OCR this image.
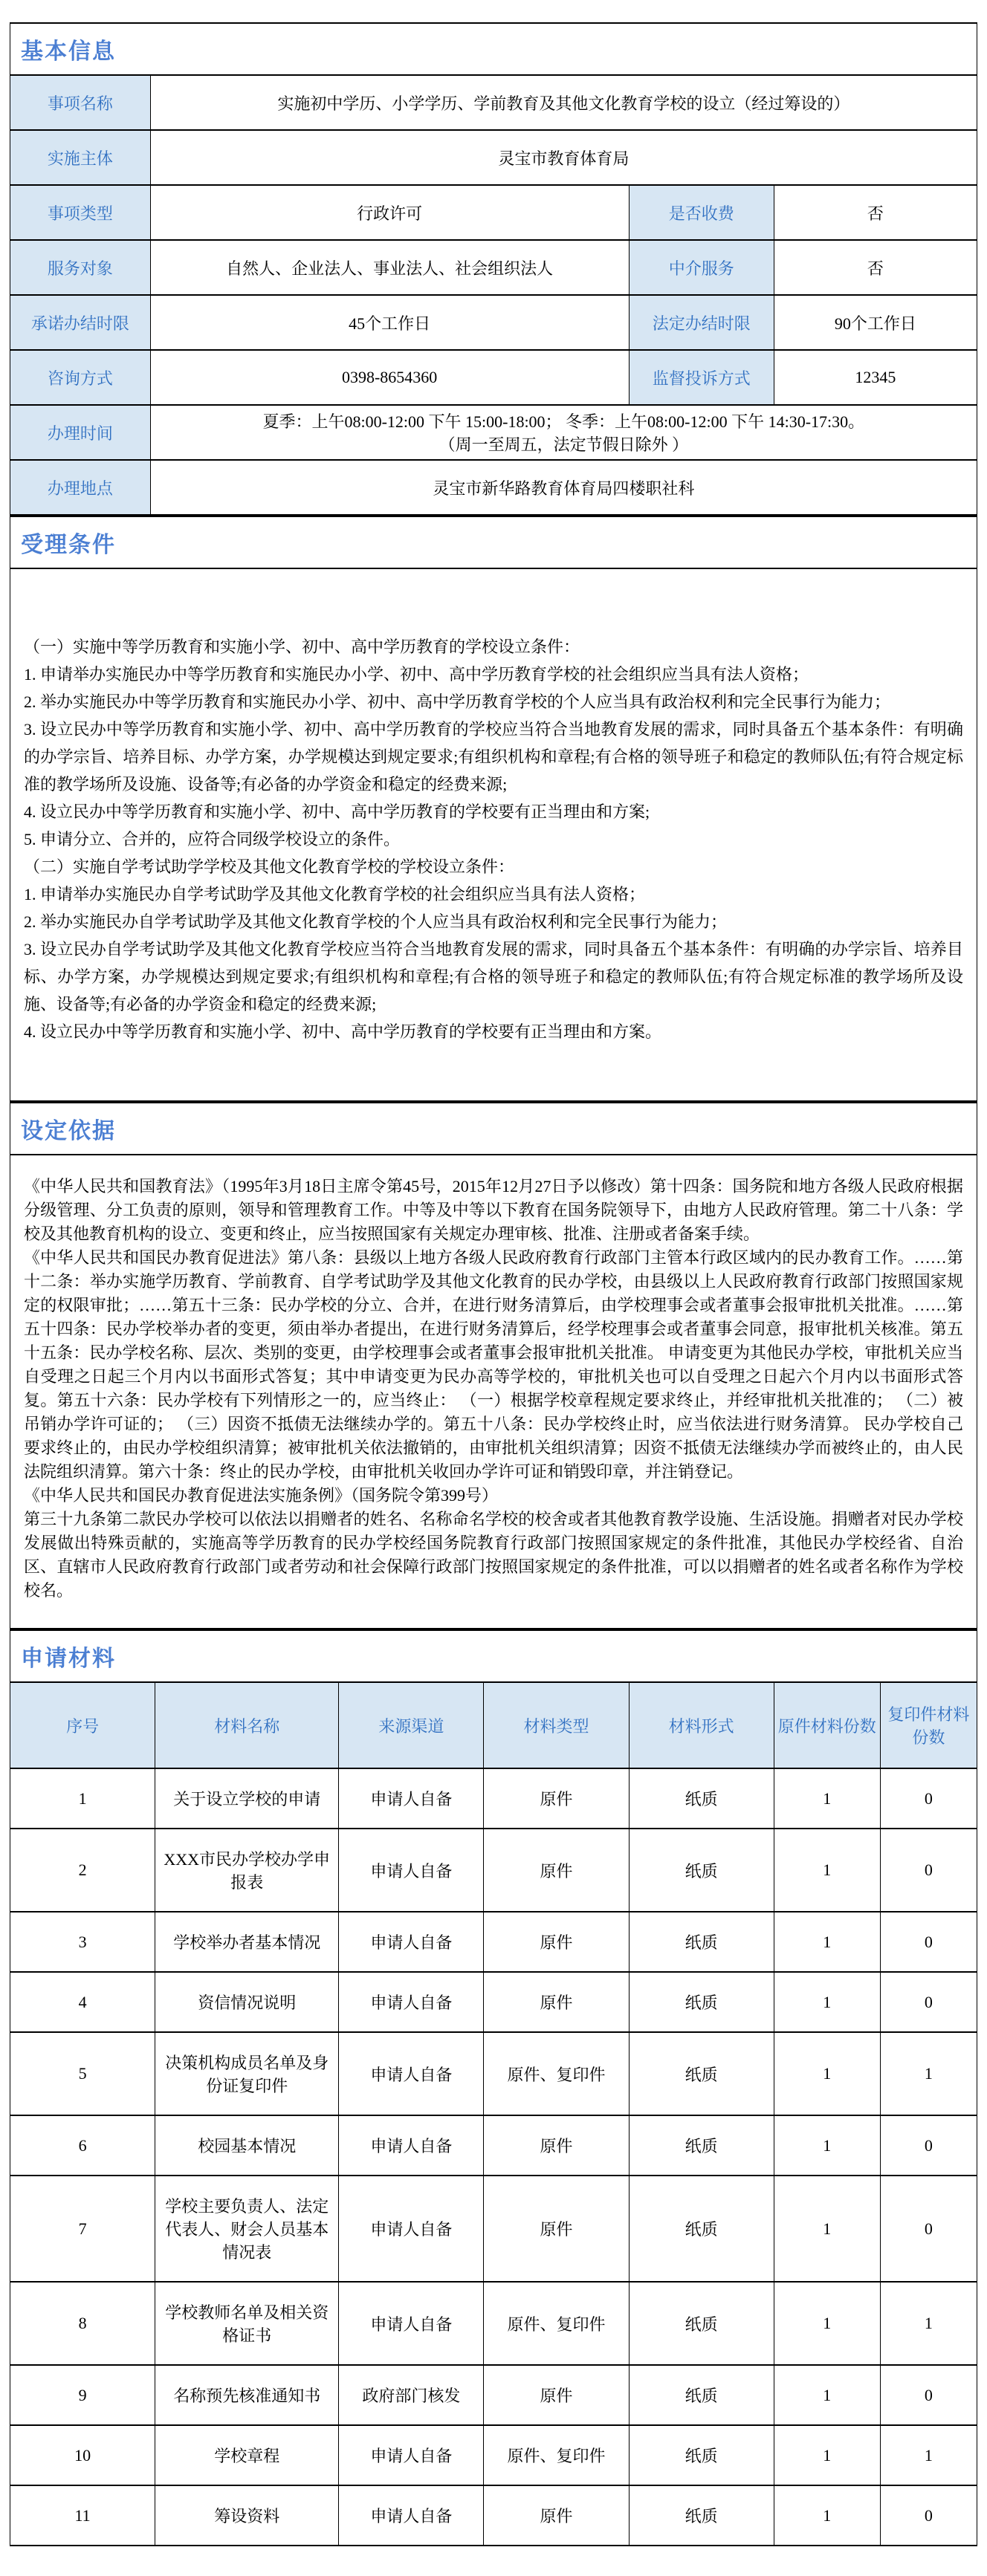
基本信息			
事项名称	实施初中学历、小学学历、学前教育及其他文化教育学校的设立（经过筹设的）		
实施主体	灵宝市教育体育局		
事项类型	行政许可	是否收费	否
服务对象	自然人、企业法人、事业法人、社会组织法人	中介服务	否
承诺办结时限	45个工作日	法定办结时限	90个工作日
咨询方式	0398-8654360	监督投诉方式	12345
办理时间	夏季：上午08:00-12:00 下午 15:00-18:00； 冬季：上午08:00-12:00 下午 14:30-17:30。
（周一至周五，法定节假日除外 ）		

办理地点	灵宝市新华路教育体育局四楼职社科		
受理条件

（一）实施中等学历教育和实施小学、初中、高中学历教育的学校设立条件：
1. 申请举办实施民办中等学历教育和实施民办小学、初中、高中学历教育学校的社会组织应当具有法人资格；
2. 举办实施民办中等学历教育和实施民办小学、初中、高中学历教育学校的个人应当具有政治权利和完全民事行为能力；
3. 设立民办中等学历教育和实施小学、初中、高中学历教育的学校应当符合当地教育发展的需求，同时具备五个基本条件：有明确的办学宗旨、培养目标、办学方案，办学规模达到规定要求;有组织机构和章程;有合格的领导班子和稳定的教师队伍;有符合规定标准的教学场所及设施、设备等;有必备的办学资金和稳定的经费来源;
4. 设立民办中等学历教育和实施小学、初中、高中学历教育的学校要有正当理由和方案;
5. 申请分立、合并的，应符合同级学校设立的条件。
（二）实施自学考试助学学校及其他文化教育学校的学校设立条件：
1. 申请举办实施民办自学考试助学及其他文化教育学校的社会组织应当具有法人资格；
2. 举办实施民办自学考试助学及其他文化教育学校的个人应当具有政治权利和完全民事行为能力；
3. 设立民办自学考试助学及其他文化教育学校应当符合当地教育发展的需求，同时具备五个基本条件：有明确的办学宗旨、培养目标、办学方案，办学规模达到规定要求;有组织机构和章程;有合格的领导班子和稳定的教师队伍;有符合规定标准的教学场所及设施、设备等;有必备的办学资金和稳定的经费来源;
4. 设立民办中等学历教育和实施小学、初中、高中学历教育的学校要有正当理由和方案。
设定依据

《中华人民共和国教育法》（1995年3月18日主席令第45号，2015年12月27日予以修改）第十四条：国务院和地方各级人民政府根据分级管理、分工负责的原则，领导和管理教育工作。中等及中等以下教育在国务院领导下，由地方人民政府管理。第二十八条：学校及其他教育机构的设立、变更和终止，应当按照国家有关规定办理审核、批准、注册或者备案手续。
《中华人民共和国民办教育促进法》第八条：县级以上地方各级人民政府教育行政部门主管本行政区域内的民办教育工作。……第十二条：举办实施学历教育、学前教育、自学考试助学及其他文化教育的民办学校，由县级以上人民政府教育行政部门按照国家规定的权限审批；……第五十三条：民办学校的分立、合并，在进行财务清算后，由学校理事会或者董事会报审批机关批准。……第五十四条：民办学校举办者的变更，须由举办者提出，在进行财务清算后，经学校理事会或者董事会同意，报审批机关核准。第五十五条：民办学校名称、层次、类别的变更，由学校理事会或者董事会报审批机关批准。 申请变更为其他民办学校，审批机关应当自受理之日起三个月内以书面形式答复；其中申请变更为民办高等学校的，审批机关也可以自受理之日起六个月内以书面形式答复。第五十六条：民办学校有下列情形之一的，应当终止： （一）根据学校章程规定要求终止，并经审批机关批准的； （二）被吊销办学许可证的； （三）因资不抵债无法继续办学的。第五十八条：民办学校终止时，应当依法进行财务清算。 民办学校自己要求终止的，由民办学校组织清算；被审批机关依法撤销的，由审批机关组织清算；因资不抵债无法继续办学而被终止的，由人民法院组织清算。第六十条：终止的民办学校，由审批机关收回办学许可证和销毁印章，并注销登记。
《中华人民共和国民办教育促进法实施条例》（国务院令第399号）
第三十九条第二款民办学校可以依法以捐赠者的姓名、名称命名学校的校舍或者其他教育教学设施、生活设施。捐赠者对民办学校发展做出特殊贡献的，实施高等学历教育的民办学校经国务院教育行政部门按照国家规定的条件批准，其他民办学校经省、自治区、直辖市人民政府教育行政部门或者劳动和社会保障行政部门按照国家规定的条件批准，可以以捐赠者的姓名或者名称作为学校校名。
申请材料						
序号	材料名称	来源渠道	材料类型	材料形式	原件材料份数	复印件材料份数
1	关于设立学校的申请	申请人自备	原件	纸质	1	0
2	XXX市民办学校办学申报表	申请人自备	原件	纸质	1	0
3	学校举办者基本情况	申请人自备	原件	纸质	1	0
4	资信情况说明	申请人自备	原件	纸质	1	0
5	决策机构成员名单及身份证复印件	申请人自备	原件、复印件	纸质	1	1
6	校园基本情况	申请人自备	原件	纸质	1	0
7	学校主要负责人、法定代表人、财会人员基本情况表	申请人自备	原件	纸质	1	0
8	学校教师名单及相关资格证书	申请人自备	原件、复印件	纸质	1	1
9	名称预先核准通知书	政府部门核发	原件	纸质	1	0
10	学校章程	申请人自备	原件、复印件	纸质	1	1
11	筹设资料	申请人自备	原件	纸质	1	0
